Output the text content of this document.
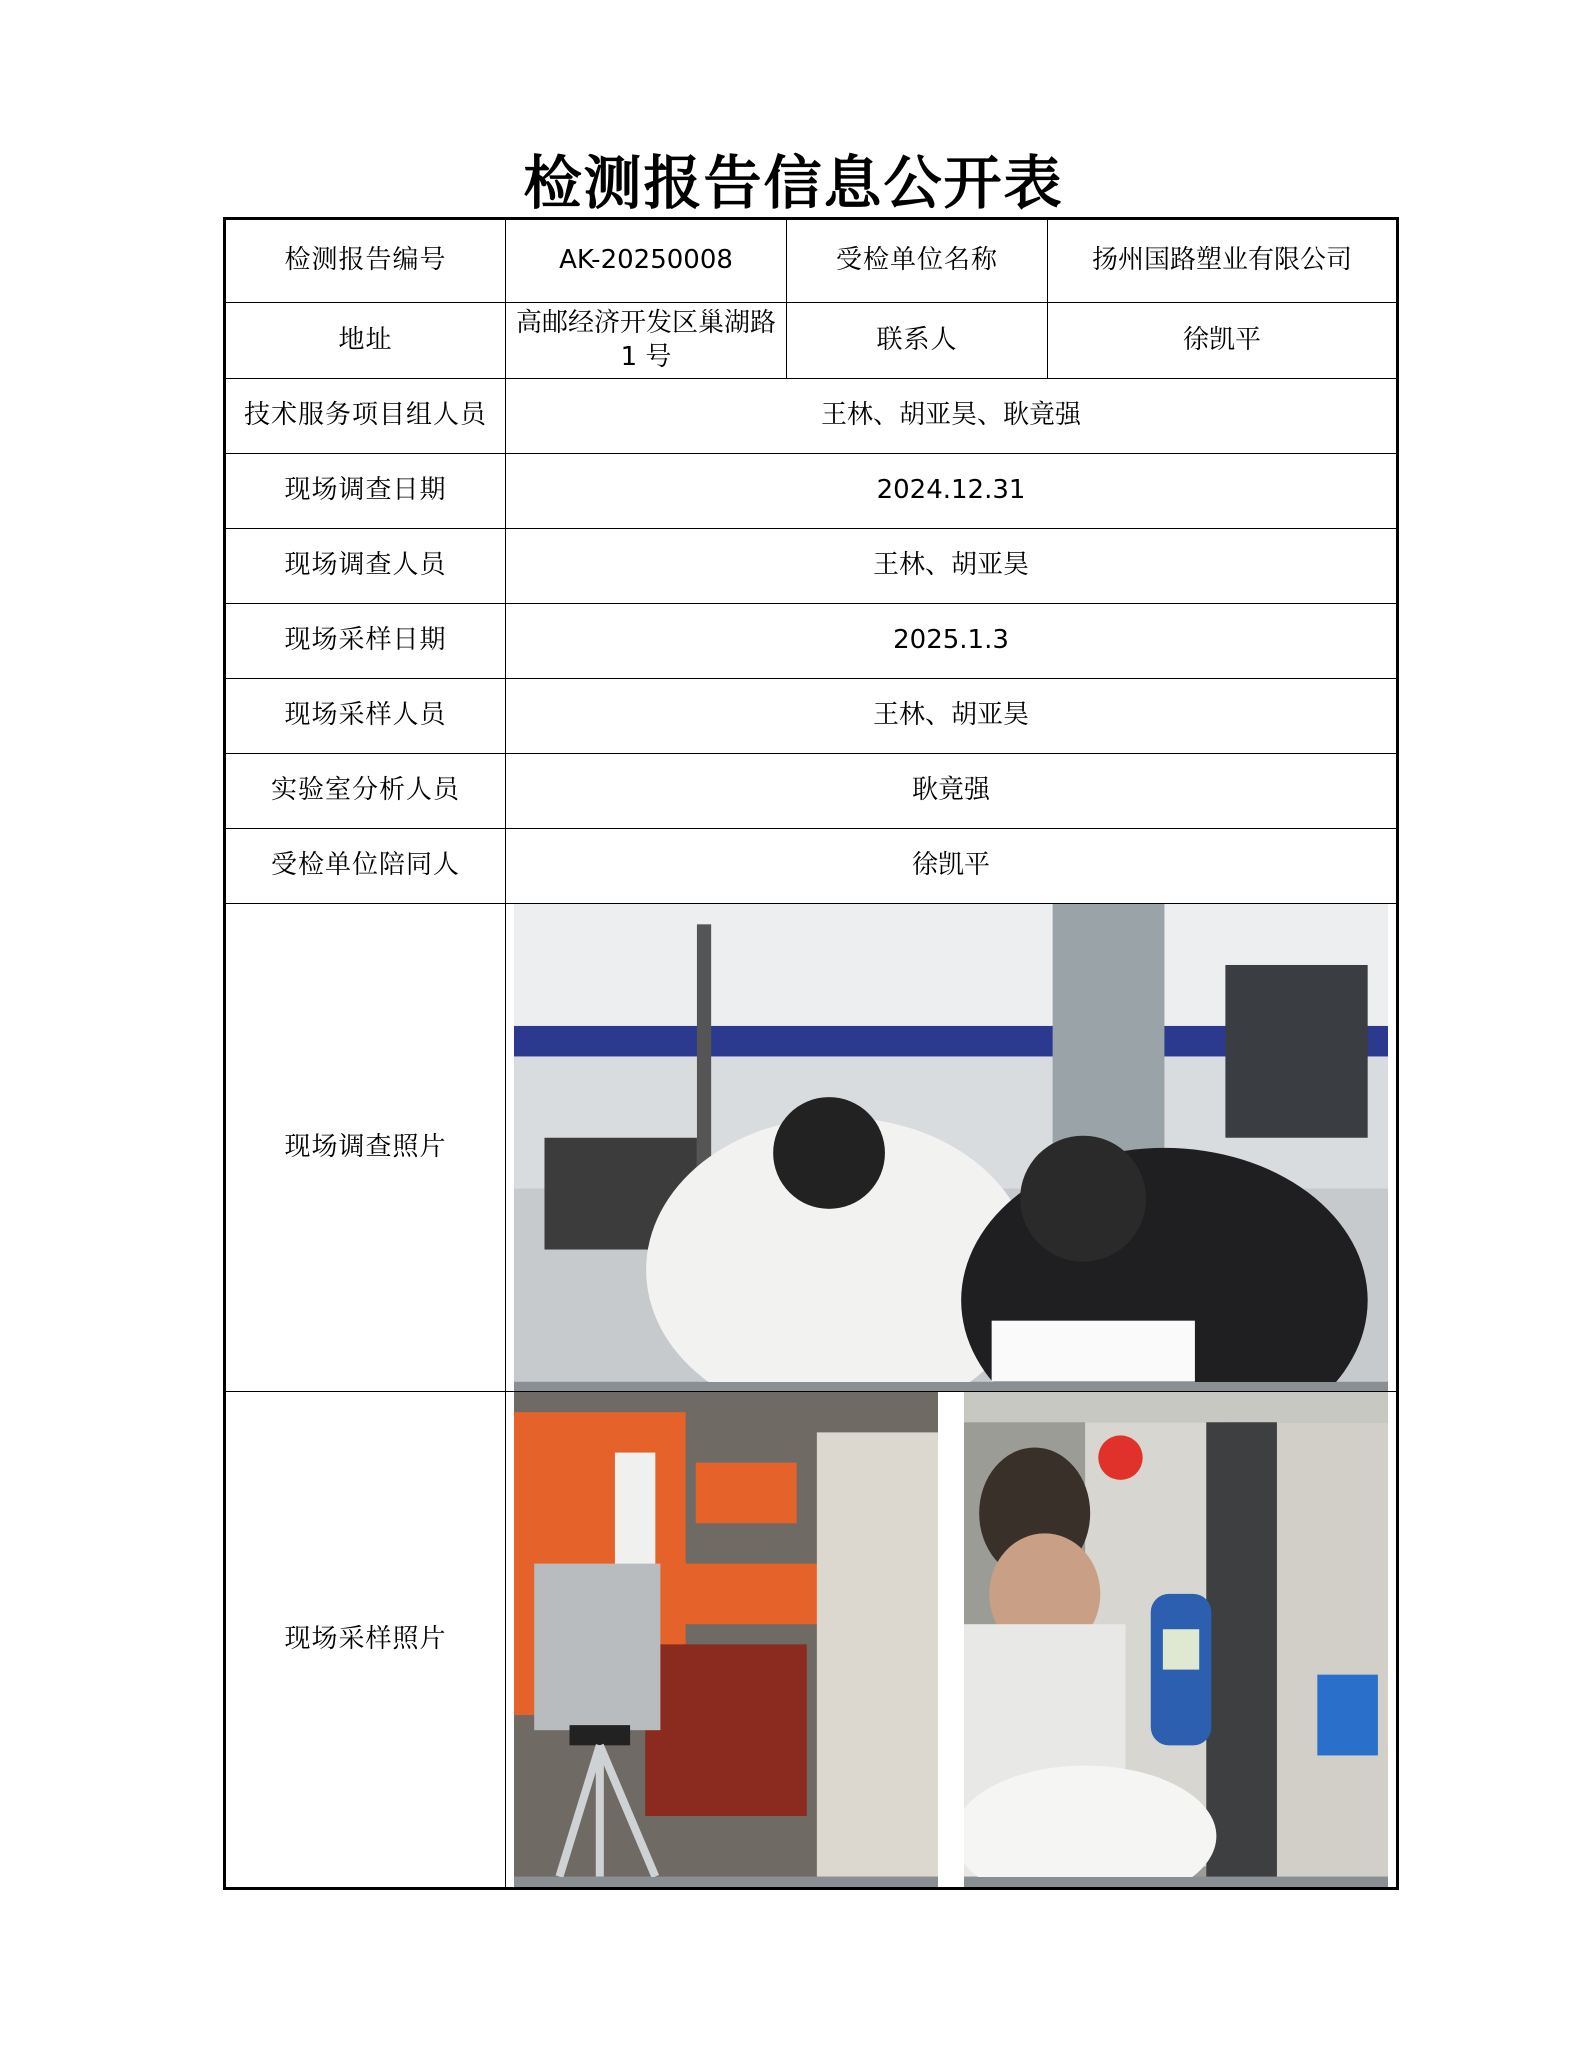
检测报告信息公开表
检测报告编号	AK-20250008	受检单位名称	扬州国路塑业有限公司
地址	高邮经济开发区巢湖路 1 号	联系人	徐凯平
技术服务项目组人员	王林、胡亚昊、耿竟强		
现场调查日期	2024.12.31		
现场调查人员	王林、胡亚昊		
现场采样日期	2025.1.3		
现场采样人员	王林、胡亚昊		
实验室分析人员	耿竟强		
受检单位陪同人	徐凯平		
现场调查照片	

现场采样照片	
